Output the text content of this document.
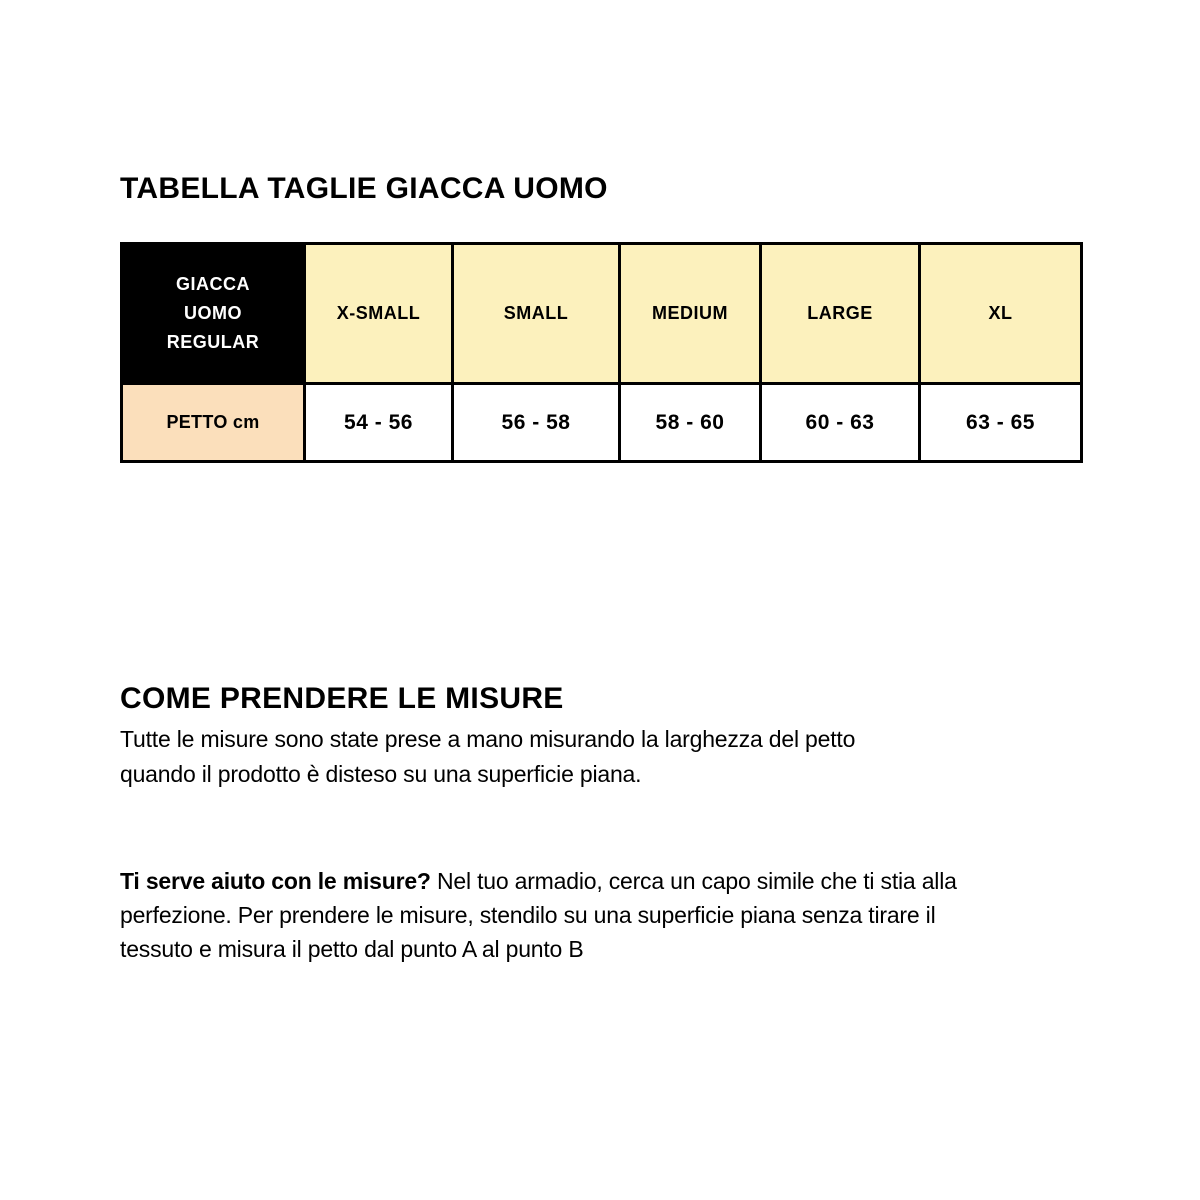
TABELLA TAGLIE GIACCA UOMO
GIACCA
UOMO
REGULAR	X-SMALL	SMALL	MEDIUM	LARGE	XL
PETTO cm	54 - 56	56 - 58	58 - 60	60 - 63	63 - 65
COME PRENDERE LE MISURE
Tutte le misure sono state prese a mano misurando la larghezza del petto
quando il prodotto è disteso su una superficie piana.
Ti serve aiuto con le misure? Nel tuo armadio, cerca un capo simile che ti stia alla
perfezione. Per prendere le misure, stendilo su una superficie piana senza tirare il
tessuto e misura il petto dal punto A al punto B
